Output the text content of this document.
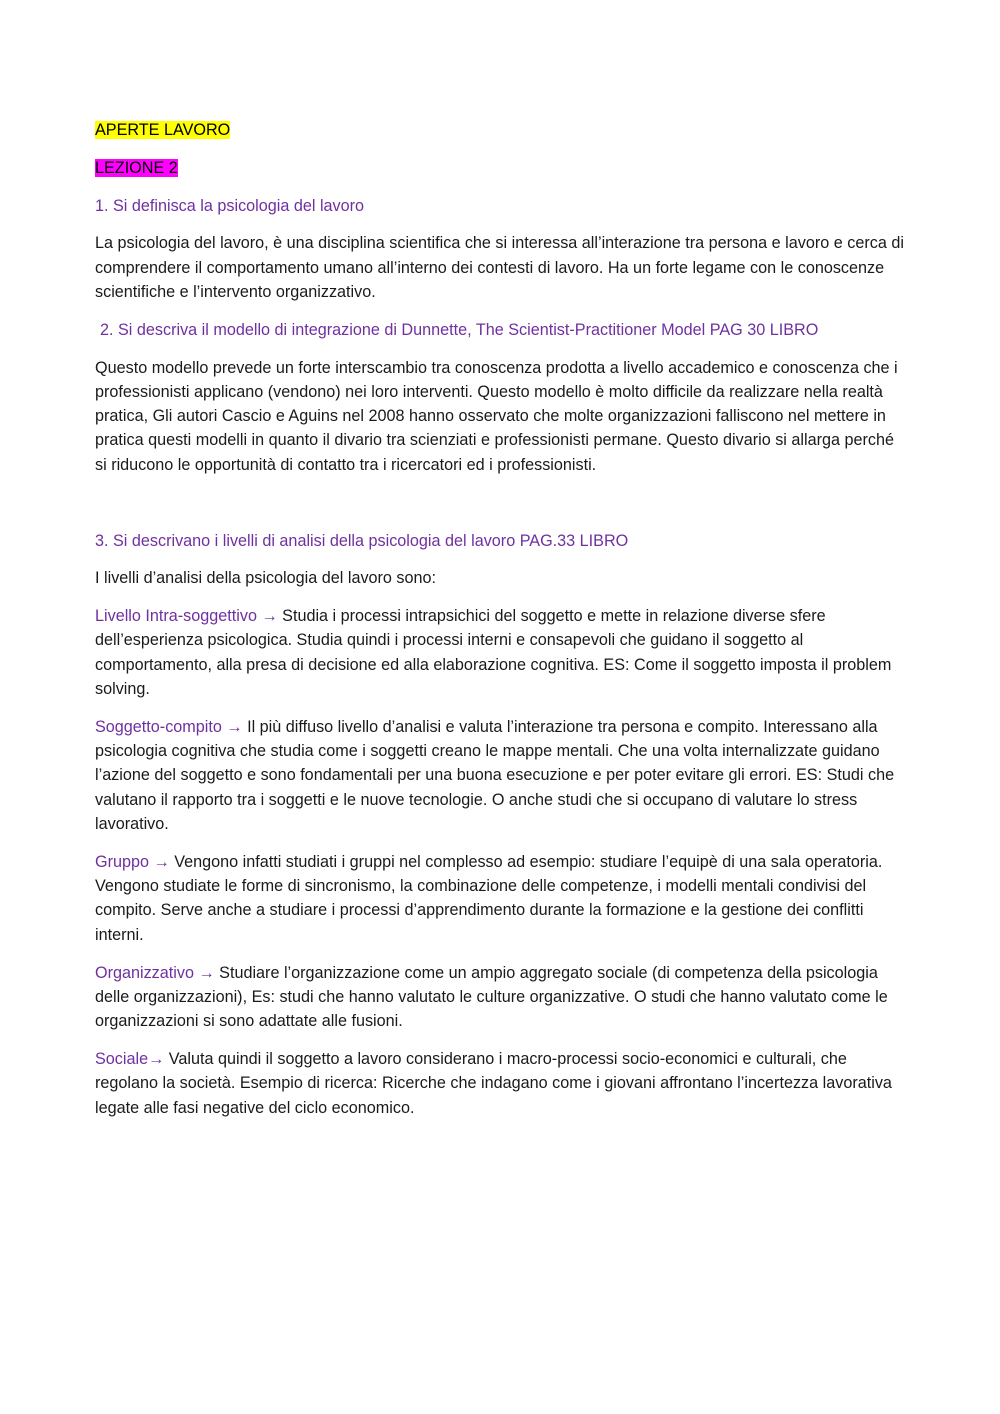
APERTE LAVORO

LEZIONE 2

1. Si definisca la psicologia del lavoro

La psicologia del lavoro, è una disciplina scientifica che si interessa all’interazione tra persona e lavoro e cerca di comprendere il comportamento umano all’interno dei contesti di lavoro. Ha un forte legame con le conoscenze scientifiche e l’intervento organizzativo.

2. Si descriva il modello di integrazione di Dunnette, The Scientist-Practitioner Model PAG 30 LIBRO

Questo modello prevede un forte interscambio tra conoscenza prodotta a livello accademico e conoscenza che i professionisti applicano (vendono) nei loro interventi. Questo modello è molto difficile da realizzare nella realtà pratica, Gli autori Cascio e Aguins nel 2008 hanno osservato che molte organizzazioni falliscono nel mettere in pratica questi modelli in quanto il divario tra scienziati e professionisti permane. Questo divario si allarga perché si riducono le opportunità di contatto tra i ricercatori ed i professionisti.

3. Si descrivano i livelli di analisi della psicologia del lavoro PAG.33 LIBRO

I livelli d’analisi della psicologia del lavoro sono:

Livello Intra-soggettivo → Studia i processi intrapsichici del soggetto e mette in relazione diverse sfere dell’esperienza psicologica. Studia quindi i processi interni e consapevoli che guidano il soggetto al comportamento, alla presa di decisione ed alla elaborazione cognitiva. ES: Come il soggetto imposta il problem solving.

Soggetto-compito → Il più diffuso livello d’analisi e valuta l’interazione tra persona e compito. Interessano alla psicologia cognitiva che studia come i soggetti creano le mappe mentali. Che una volta internalizzate guidano l’azione del soggetto e sono fondamentali per una buona esecuzione e per poter evitare gli errori. ES: Studi che valutano il rapporto tra i soggetti e le nuove tecnologie. O anche studi che si occupano di valutare lo stress lavorativo.

Gruppo → Vengono infatti studiati i gruppi nel complesso ad esempio: studiare l’equipè di una sala operatoria. Vengono studiate le forme di sincronismo, la combinazione delle competenze, i modelli mentali condivisi del compito. Serve anche a studiare i processi d’apprendimento durante la formazione e la gestione dei conflitti interni.

Organizzativo → Studiare l’organizzazione come un ampio aggregato sociale (di competenza della psicologia delle organizzazioni), Es: studi che hanno valutato le culture organizzative. O studi che hanno valutato come le organizzazioni si sono adattate alle fusioni.

Sociale→ Valuta quindi il soggetto a lavoro considerano i macro-processi socio-economici e culturali, che regolano la società. Esempio di ricerca: Ricerche che indagano come i giovani affrontano l’incertezza lavorativa legate alle fasi negative del ciclo economico.
